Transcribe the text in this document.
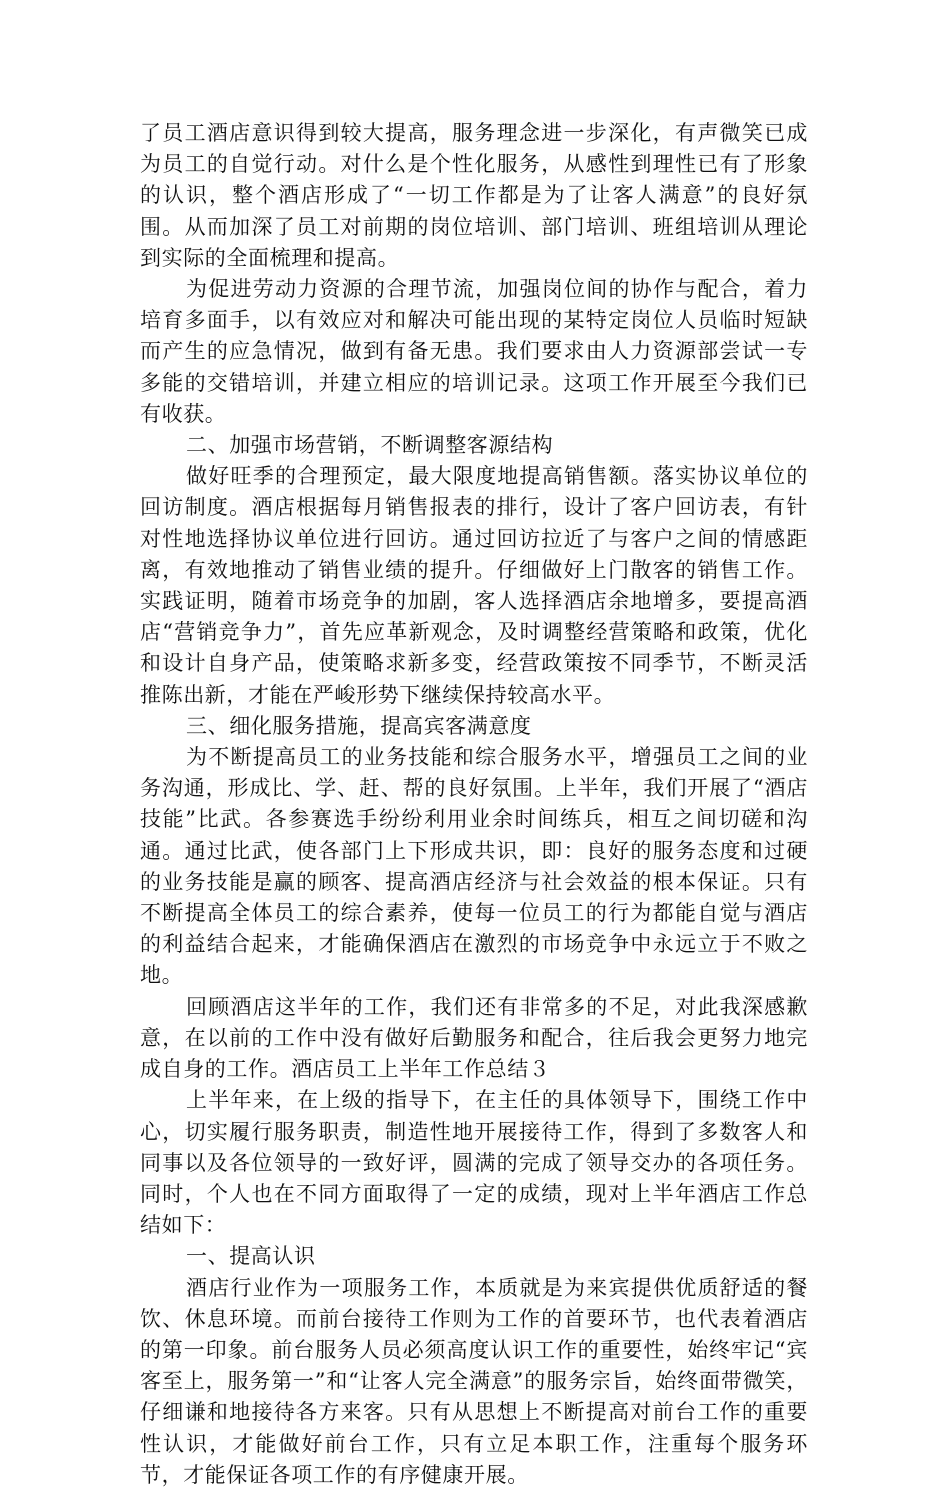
了员工酒店意识得到较大提高，服务理念进一步深化，有声微笑已成为员工的自觉行动。对什么是个性化服务，从感性到理性已有了形象的认识，整个酒店形成了“一切工作都是为了让客人满意”的良好氛围。从而加深了员工对前期的岗位培训、部门培训、班组培训从理论到实际的全面梳理和提高。

为促进劳动力资源的合理节流，加强岗位间的协作与配合，着力培育多面手，以有效应对和解决可能出现的某特定岗位人员临时短缺而产生的应急情况，做到有备无患。我们要求由人力资源部尝试一专多能的交错培训，并建立相应的培训记录。这项工作开展至今我们已有收获。

二、加强市场营销，不断调整客源结构

做好旺季的合理预定，最大限度地提高销售额。落实协议单位的回访制度。酒店根据每月销售报表的排行，设计了客户回访表，有针对性地选择协议单位进行回访。通过回访拉近了与客户之间的情感距离，有效地推动了销售业绩的提升。仔细做好上门散客的销售工作。实践证明，随着市场竞争的加剧，客人选择酒店余地增多，要提高酒店“营销竞争力”，首先应革新观念，及时调整经营策略和政策，优化和设计自身产品，使策略求新多变，经营政策按不同季节，不断灵活推陈出新，才能在严峻形势下继续保持较高水平。

三、细化服务措施，提高宾客满意度

为不断提高员工的业务技能和综合服务水平，增强员工之间的业务沟通，形成比、学、赶、帮的良好氛围。上半年，我们开展了“酒店技能”比武。各参赛选手纷纷利用业余时间练兵，相互之间切磋和沟通。通过比武，使各部门上下形成共识，即：良好的服务态度和过硬的业务技能是赢的顾客、提高酒店经济与社会效益的根本保证。只有不断提高全体员工的综合素养，使每一位员工的行为都能自觉与酒店的利益结合起来，才能确保酒店在激烈的市场竞争中永远立于不败之地。

回顾酒店这半年的工作，我们还有非常多的不足，对此我深感歉意，在以前的工作中没有做好后勤服务和配合，往后我会更努力地完成自身的工作。酒店员工上半年工作总结３

上半年来，在上级的指导下，在主任的具体领导下，围绕工作中心，切实履行服务职责，制造性地开展接待工作，得到了多数客人和同事以及各位领导的一致好评，圆满的完成了领导交办的各项任务。同时，个人也在不同方面取得了一定的成绩，现对上半年酒店工作总结如下：

一、提高认识

酒店行业作为一项服务工作，本质就是为来宾提供优质舒适的餐饮、休息环境。而前台接待工作则为工作的首要环节，也代表着酒店的第一印象。前台服务人员必须高度认识工作的重要性，始终牢记“宾客至上，服务第一”和“让客人完全满意”的服务宗旨，始终面带微笑，仔细谦和地接待各方来客。只有从思想上不断提高对前台工作的重要性认识，才能做好前台工作，只有立足本职工作，注重每个服务环节，才能保证各项工作的有序健康开展。
